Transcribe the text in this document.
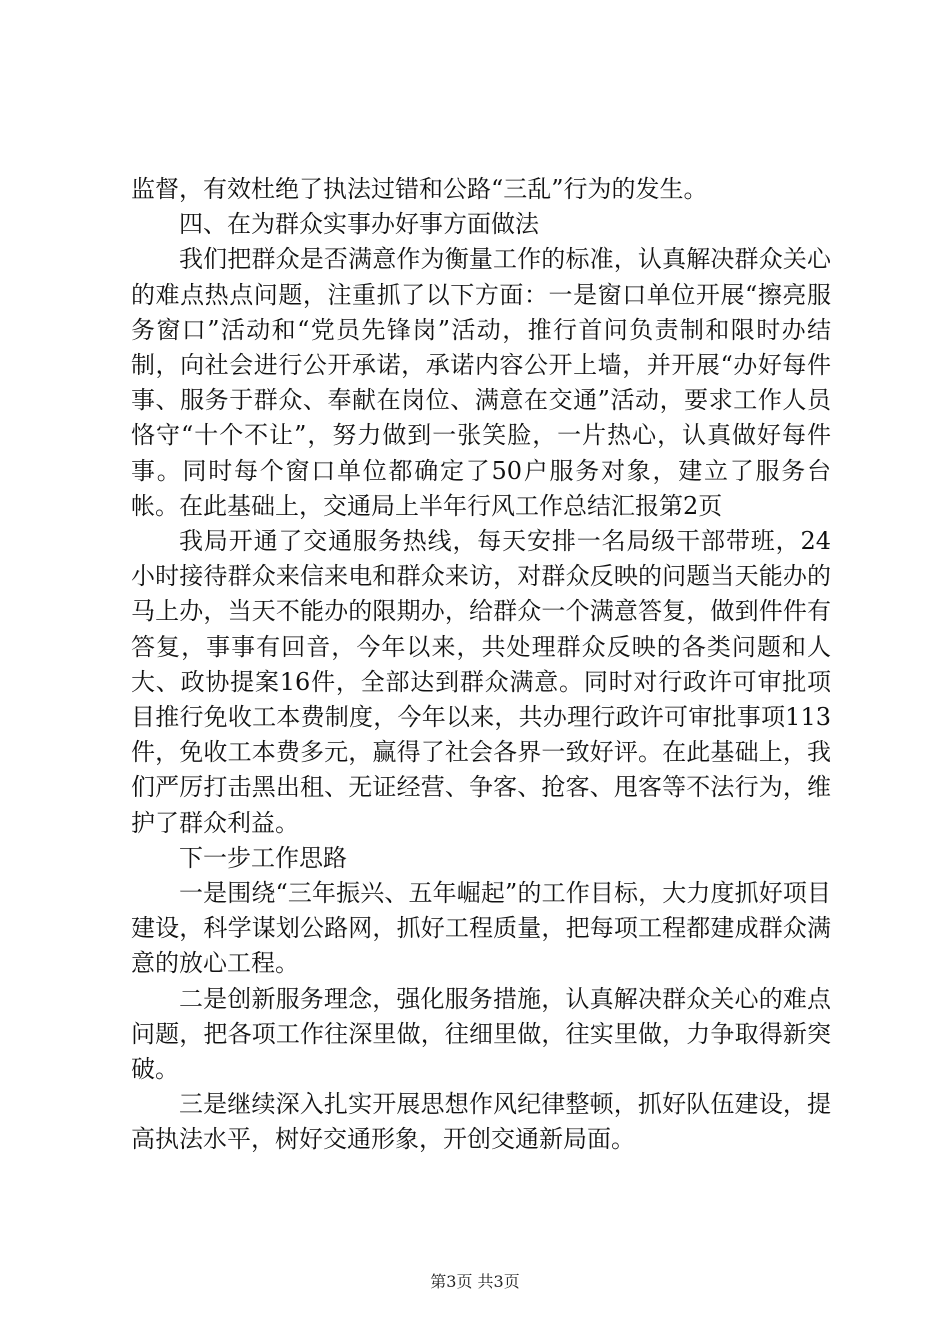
监督，有效杜绝了执法过错和公路“三乱”行为的发生。

四、在为群众实事办好事方面做法

我们把群众是否满意作为衡量工作的标准，认真解决群众关心的难点热点问题，注重抓了以下方面：一是窗口单位开展“擦亮服务窗口”活动和“党员先锋岗”活动，推行首问负责制和限时办结制，向社会进行公开承诺，承诺内容公开上墙，并开展“办好每件事、服务于群众、奉献在岗位、满意在交通”活动，要求工作人员恪守“十个不让”，努力做到一张笑脸，一片热心，认真做好每件事。同时每个窗口单位都确定了50户服务对象，建立了服务台帐。在此基础上，交通局上半年行风工作总结汇报第2页

我局开通了交通服务热线，每天安排一名局级干部带班，24小时接待群众来信来电和群众来访，对群众反映的问题当天能办的马上办，当天不能办的限期办，给群众一个满意答复，做到件件有答复，事事有回音，今年以来，共处理群众反映的各类问题和人大、政协提案16件，全部达到群众满意。同时对行政许可审批项目推行免收工本费制度，今年以来，共办理行政许可审批事项113件，免收工本费多元，赢得了社会各界一致好评。在此基础上，我们严厉打击黑出租、无证经营、争客、抢客、甩客等不法行为，维护了群众利益。

下一步工作思路

一是围绕“三年振兴、五年崛起”的工作目标，大力度抓好项目建设，科学谋划公路网，抓好工程质量，把每项工程都建成群众满意的放心工程。

二是创新服务理念，强化服务措施，认真解决群众关心的难点问题，把各项工作往深里做，往细里做，往实里做，力争取得新突破。

三是继续深入扎实开展思想作风纪律整顿，抓好队伍建设，提高执法水平，树好交通形象，开创交通新局面。

第3页 共3页
